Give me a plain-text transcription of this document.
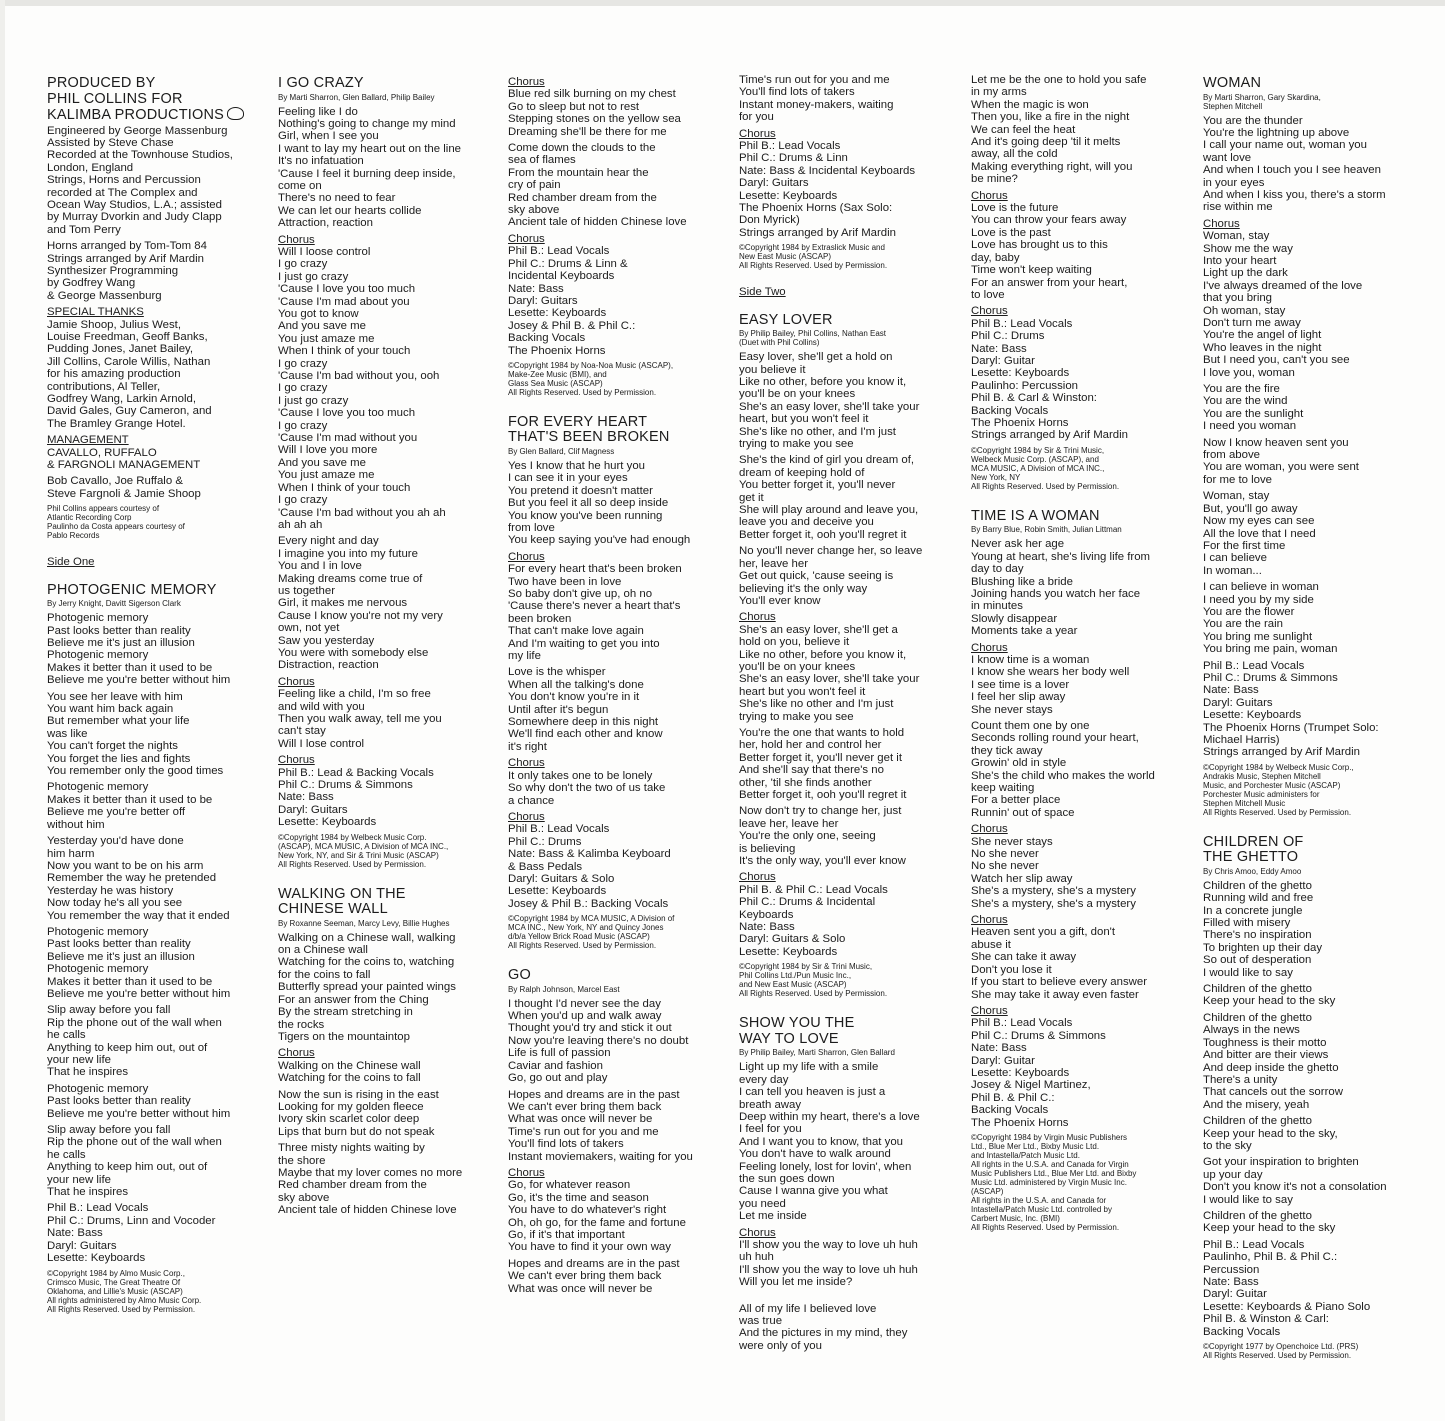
PRODUCED BY
PHIL COLLINS FOR
KALIMBA PRODUCTIONS

Engineered by George Massenburg
Assisted by Steve Chase
Recorded at the Townhouse Studios,
London, England
Strings, Horns and Percussion
recorded at The Complex and
Ocean Way Studios, L.A.; assisted
by Murray Dvorkin and Judy Clapp
and Tom Perry

Horns arranged by Tom-Tom 84
Strings arranged by Arif Mardin
Synthesizer Programming
by Godfrey Wang
& George Massenburg

SPECIAL THANKS

Jamie Shoop, Julius West,
Louise Freedman, Geoff Banks,
Pudding Jones, Janet Bailey,
Jill Collins, Carole Willis, Nathan
for his amazing production
contributions, Al Teller,
Godfrey Wang, Larkin Arnold,
David Gales, Guy Cameron, and
The Bramley Grange Hotel.

MANAGEMENT

CAVALLO, RUFFALO
& FARGNOLI MANAGEMENT

Bob Cavallo, Joe Ruffalo &
Steve Fargnoli & Jamie Shoop

Phil Collins appears courtesy of
Atlantic Recording Corp
Paulinho da Costa appears courtesy of
Pablo Records

Side One

PHOTOGENIC MEMORY

By Jerry Knight, Davitt Sigerson Clark

Photogenic memory
Past looks better than reality
Believe me it's just an illusion
Photogenic memory
Makes it better than it used to be
Believe me you're better without him

You see her leave with him
You want him back again
But remember what your life
was like
You can't forget the nights
You forget the lies and fights
You remember only the good times

Photogenic memory
Makes it better than it used to be
Believe me you're better off
without him

Yesterday you'd have done
him harm
Now you want to be on his arm
Remember the way he pretended
Yesterday he was history
Now today he's all you see
You remember the way that it ended

Photogenic memory
Past looks better than reality
Believe me it's just an illusion
Photogenic memory
Makes it better than it used to be
Believe me you're better without him

Slip away before you fall
Rip the phone out of the wall when
he calls
Anything to keep him out, out of
your new life
That he inspires

Photogenic memory
Past looks better than reality
Believe me you're better without him

Slip away before you fall
Rip the phone out of the wall when
he calls
Anything to keep him out, out of
your new life
That he inspires

Phil B.: Lead Vocals
Phil C.: Drums, Linn and Vocoder
Nate: Bass
Daryl: Guitars
Lesette: Keyboards

©Copyright 1984 by Almo Music Corp.,
Crimsco Music, The Great Theatre Of
Oklahoma, and Lillie's Music (ASCAP)
All rights administered by Almo Music Corp.
All Rights Reserved. Used by Permission.

I GO CRAZY

By Marti Sharron, Glen Ballard, Philip Bailey

Feeling like I do
Nothing's going to change my mind
Girl, when I see you
I want to lay my heart out on the line
It's no infatuation
'Cause I feel it burning deep inside,
come on
There's no need to fear
We can let our hearts collide
Attraction, reaction

Chorus

Will I loose control
I go crazy
I just go crazy
'Cause I love you too much
'Cause I'm mad about you
You got to know
And you save me
You just amaze me
When I think of your touch
I go crazy
'Cause I'm bad without you, ooh
I go crazy
I just go crazy
'Cause I love you too much
I go crazy
'Cause I'm mad without you
Will I love you more
And you save me
You just amaze me
When I think of your touch
I go crazy
'Cause I'm bad without you ah ah
ah ah ah

Every night and day
I imagine you into my future
You and I in love
Making dreams come true of
us together
Girl, it makes me nervous
Cause I know you're not my very
own, not yet
Saw you yesterday
You were with somebody else
Distraction, reaction

Chorus

Feeling like a child, I'm so free
and wild with you
Then you walk away, tell me you
can't stay
Will I lose control

Chorus

Phil B.: Lead & Backing Vocals
Phil C.: Drums & Simmons
Nate: Bass
Daryl: Guitars
Lesette: Keyboards

©Copyright 1984 by Welbeck Music Corp.
(ASCAP), MCA MUSIC, A Division of MCA INC.,
New York, NY, and Sir & Trini Music (ASCAP)
All Rights Reserved. Used by Permission.

WALKING ON THE
CHINESE WALL

By Roxanne Seeman, Marcy Levy, Billie Hughes

Walking on a Chinese wall, walking
on a Chinese wall
Watching for the coins to, watching
for the coins to fall
Butterfly spread your painted wings
For an answer from the Ching
By the stream stretching in
the rocks
Tigers on the mountaintop

Chorus

Walking on the Chinese wall
Watching for the coins to fall

Now the sun is rising in the east
Looking for my golden fleece
Ivory skin scarlet color deep
Lips that burn but do not speak

Three misty nights waiting by
the shore
Maybe that my lover comes no more
Red chamber dream from the
sky above
Ancient tale of hidden Chinese love

Chorus

Blue red silk burning on my chest
Go to sleep but not to rest
Stepping stones on the yellow sea
Dreaming she'll be there for me

Come down the clouds to the
sea of flames
From the mountain hear the
cry of pain
Red chamber dream from the
sky above
Ancient tale of hidden Chinese love

Chorus

Phil B.: Lead Vocals
Phil C.: Drums & Linn &
Incidental Keyboards
Nate: Bass
Daryl: Guitars
Lesette: Keyboards
Josey & Phil B. & Phil C.:
Backing Vocals
The Phoenix Horns

©Copyright 1984 by Noa-Noa Music (ASCAP),
Make-Zee Music (BMI), and
Glass Sea Music (ASCAP)
All Rights Reserved. Used by Permission.

FOR EVERY HEART
THAT'S BEEN BROKEN

By Glen Ballard, Clif Magness

Yes I know that he hurt you
I can see it in your eyes
You pretend it doesn't matter
But you feel it all so deep inside
You know you've been running
from love
You keep saying you've had enough

Chorus

For every heart that's been broken
Two have been in love
So baby don't give up, oh no
'Cause there's never a heart that's
been broken
That can't make love again
And I'm waiting to get you into
my life

Love is the whisper
When all the talking's done
You don't know you're in it
Until after it's begun
Somewhere deep in this night
We'll find each other and know
it's right

Chorus

It only takes one to be lonely
So why don't the two of us take
a chance

Chorus

Phil B.: Lead Vocals
Phil C.: Drums
Nate: Bass & Kalimba Keyboard
& Bass Pedals
Daryl: Guitars & Solo
Lesette: Keyboards
Josey & Phil B.: Backing Vocals

©Copyright 1984 by MCA MUSIC, A Division of
MCA INC., New York, NY and Quincy Jones
d/b/a Yellow Brick Road Music (ASCAP)
All Rights Reserved. Used by Permission.

GO

By Ralph Johnson, Marcel East

I thought I'd never see the day
When you'd up and walk away
Thought you'd try and stick it out
Now you're leaving there's no doubt
Life is full of passion
Caviar and fashion
Go, go out and play

Hopes and dreams are in the past
We can't ever bring them back
What was once will never be
Time's run out for you and me
You'll find lots of takers
Instant moviemakers, waiting for you

Chorus

Go, for whatever reason
Go, it's the time and season
You have to do whatever's right
Oh, oh go, for the fame and fortune
Go, if it's that important
You have to find it your own way

Hopes and dreams are in the past
We can't ever bring them back
What was once will never be

Time's run out for you and me
You'll find lots of takers
Instant money-makers, waiting
for you

Chorus

Phil B.: Lead Vocals
Phil C.: Drums & Linn
Nate: Bass & Incidental Keyboards
Daryl: Guitars
Lesette: Keyboards
The Phoenix Horns (Sax Solo:
Don Myrick)
Strings arranged by Arif Mardin

©Copyright 1984 by Extraslick Music and
New East Music (ASCAP)
All Rights Reserved. Used by Permission.

Side Two

EASY LOVER

By Philip Bailey, Phil Collins, Nathan East
(Duet with Phil Collins)

Easy lover, she'll get a hold on
you believe it
Like no other, before you know it,
you'll be on your knees
She's an easy lover, she'll take your
heart, but you won't feel it
She's like no other, and I'm just
trying to make you see

She's the kind of girl you dream of,
dream of keeping hold of
You better forget it, you'll never
get it
She will play around and leave you,
leave you and deceive you
Better forget it, ooh you'll regret it

No you'll never change her, so leave
her, leave her
Get out quick, 'cause seeing is
believing it's the only way
You'll ever know

Chorus

She's an easy lover, she'll get a
hold on you, believe it
Like no other, before you know it,
you'll be on your knees
She's an easy lover, she'll take your
heart but you won't feel it
She's like no other and I'm just
trying to make you see

You're the one that wants to hold
her, hold her and control her
Better forget it, you'll never get it
And she'll say that there's no
other, 'til she finds another
Better forget it, ooh you'll regret it

Now don't try to change her, just
leave her, leave her
You're the only one, seeing
is believing
It's the only way, you'll ever know

Chorus

Phil B. & Phil C.: Lead Vocals
Phil C.: Drums & Incidental
Keyboards
Nate: Bass
Daryl: Guitars & Solo
Lesette: Keyboards

©Copyright 1984 by Sir & Trini Music,
Phil Collins Ltd./Pun Music Inc.,
and New East Music (ASCAP)
All Rights Reserved. Used by Permission.

SHOW YOU THE
WAY TO LOVE

By Philip Bailey, Marti Sharron, Glen Ballard

Light up my life with a smile
every day
I can tell you heaven is just a
breath away
Deep within my heart, there's a love
I feel for you
And I want you to know, that you
You don't have to walk around
Feeling lonely, lost for lovin', when
the sun goes down
Cause I wanna give you what
you need
Let me inside

Chorus

I'll show you the way to love uh huh
uh huh
I'll show you the way to love uh huh
Will you let me inside?

All of my life I believed love
was true
And the pictures in my mind, they
were only of you

Let me be the one to hold you safe
in my arms
When the magic is won
Then you, like a fire in the night
We can feel the heat
And it's going deep 'til it melts
away, all the cold
Making everything right, will you
be mine?

Chorus

Love is the future
You can throw your fears away
Love is the past
Love has brought us to this
day, baby
Time won't keep waiting
For an answer from your heart,
to love

Chorus

Phil B.: Lead Vocals
Phil C.: Drums
Nate: Bass
Daryl: Guitar
Lesette: Keyboards
Paulinho: Percussion
Phil B. & Carl & Winston:
Backing Vocals
The Phoenix Horns
Strings arranged by Arif Mardin

©Copyright 1984 by Sir & Trini Music,
Welbeck Music Corp. (ASCAP), and
MCA MUSIC, A Division of MCA INC.,
New York, NY
All Rights Reserved. Used by Permission.

TIME IS A WOMAN

By Barry Blue, Robin Smith, Julian Littman

Never ask her age
Young at heart, she's living life from
day to day
Blushing like a bride
Joining hands you watch her face
in minutes
Slowly disappear
Moments take a year

Chorus

I know time is a woman
I know she wears her body well
I see time is a lover
I feel her slip away
She never stays

Count them one by one
Seconds rolling round your heart,
they tick away
Growin' old in style
She's the child who makes the world
keep waiting
For a better place
Runnin' out of space

Chorus

She never stays
No she never
No she never
Watch her slip away
She's a mystery, she's a mystery
She's a mystery, she's a mystery

Chorus

Heaven sent you a gift, don't
abuse it
She can take it away
Don't you lose it
If you start to believe every answer
She may take it away even faster

Chorus

Phil B.: Lead Vocals
Phil C.: Drums & Simmons
Nate: Bass
Daryl: Guitar
Lesette: Keyboards
Josey & Nigel Martinez,
Phil B. & Phil C.:
Backing Vocals
The Phoenix Horns

©Copyright 1984 by Virgin Music Publishers
Ltd., Blue Mer Ltd., Bixby Music Ltd.
and Intastella/Patch Music Ltd.
All rights in the U.S.A. and Canada for Virgin
Music Publishers Ltd., Blue Mer Ltd. and Bixby
Music Ltd. administered by Virgin Music Inc.
(ASCAP)
All rights in the U.S.A. and Canada for
Intastella/Patch Music Ltd. controlled by
Carbert Music, Inc. (BMI)
All Rights Reserved. Used by Permission.

WOMAN

By Marti Sharron, Gary Skardina,
Stephen Mitchell

You are the thunder
You're the lightning up above
I call your name out, woman you
want love
And when I touch you I see heaven
in your eyes
And when I kiss you, there's a storm
rise within me

Chorus

Woman, stay
Show me the way
Into your heart
Light up the dark
I've always dreamed of the love
that you bring
Oh woman, stay
Don't turn me away
You're the angel of light
Who leaves in the night
But I need you, can't you see
I love you, woman

You are the fire
You are the wind
You are the sunlight
I need you woman

Now I know heaven sent you
from above
You are woman, you were sent
for me to love

Woman, stay
But, you'll go away
Now my eyes can see
All the love that I need
For the first time
I can believe
In woman...

I can believe in woman
I need you by my side
You are the flower
You are the rain
You bring me sunlight
You bring me pain, woman

Phil B.: Lead Vocals
Phil C.: Drums & Simmons
Nate: Bass
Daryl: Guitars
Lesette: Keyboards
The Phoenix Horns (Trumpet Solo:
Michael Harris)
Strings arranged by Arif Mardin

©Copyright 1984 by Welbeck Music Corp.,
Andrakis Music, Stephen Mitchell
Music, and Porchester Music (ASCAP)
Porchester Music administers for
Stephen Mitchell Music
All Rights Reserved. Used by Permission.

CHILDREN OF
THE GHETTO

By Chris Amoo, Eddy Amoo

Children of the ghetto
Running wild and free
In a concrete jungle
Filled with misery
There's no inspiration
To brighten up their day
So out of desperation
I would like to say

Children of the ghetto
Keep your head to the sky

Children of the ghetto
Always in the news
Toughness is their motto
And bitter are their views
And deep inside the ghetto
There's a unity
That cancels out the sorrow
And the misery, yeah

Children of the ghetto
Keep your head to the sky,
to the sky

Got your inspiration to brighten
up your day
Don't you know it's not a consolation
I would like to say

Children of the ghetto
Keep your head to the sky

Phil B.: Lead Vocals
Paulinho, Phil B. & Phil C.:
Percussion
Nate: Bass
Daryl: Guitar
Lesette: Keyboards & Piano Solo
Phil B. & Winston & Carl:
Backing Vocals

©Copyright 1977 by Openchoice Ltd. (PRS)
All Rights Reserved. Used by Permission.
